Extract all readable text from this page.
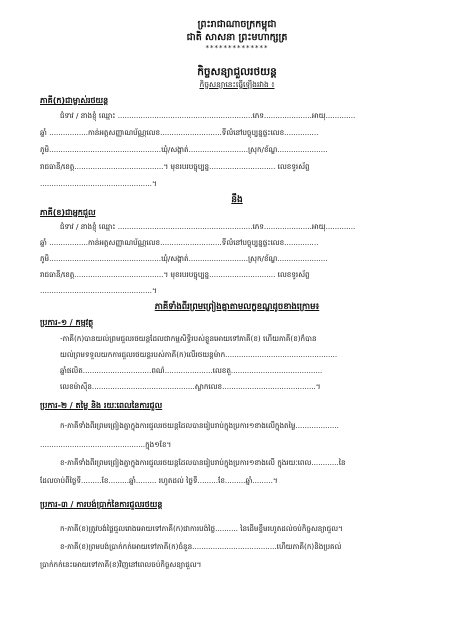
ព្រះរាជាណាចក្រកម្ពុជា
ជាតិ សាសនា ព្រះមហាក្សត្រ
**************
កិច្ចសន្យាជួលរថយន្ត
កិច្ចសន្យានេះធ្វើឡើងរវាង ៖
ភាគី(ក)ជាម្ចាស់រថយន្ត
ជំទាវ / នាងខ្ញុំ ឈ្មោះ ...........................................................ភេទ.....................អាយុ.............
ឆ្នាំ .................កាន់អត្តសញ្ញាណប័ណ្ណលេខ...........................ទីលំនៅបច្ចុប្បន្នផ្ទះលេខ...............
ភូមិ.................................................ឃុំ/សង្កាត់..........................ស្រុក/ខ័ណ្ឌ......................
រាជធានី/ខេត្ត.......................................។ មុខរបរបច្ចុប្បន្ន............................. លេខទូរស័ព្ទ
.................................................។
នឹង
ភាគី(ខ)ជាអ្នកជួល
ជំទាវ / នាងខ្ញុំ ឈ្មោះ ...........................................................ភេទ.....................អាយុ.............
ឆ្នាំ .................កាន់អត្តសញ្ញាណប័ណ្ណលេខ...........................ទីលំនៅបច្ចុប្បន្នផ្ទះលេខ...............
ភូមិ.................................................ឃុំ/សង្កាត់..........................ស្រុក/ខ័ណ្ឌ......................
រាជធានី/ខេត្ត.......................................។ មុខរបរបច្ចុប្បន្ន............................. លេខទូរស័ព្ទ
.................................................។
ភាគីទាំងពីរព្រមព្រៀងគ្នាតាមលក្ខខណ្ឌដូចខាងក្រោម៖
ប្រការ-១ / កម្មវត្ថុ
-ភាគី(ក)បានយល់ព្រមជួលរថយន្តដែលជាកម្មសិទ្ធិរបស់ខ្លួនអោយទៅភាគី(ខ) ហើយភាគី(ខ)ក៏បាន
យល់ព្រមទទួលយកការជួលរថយន្តរបស់ភាគី(ក)លើរថយន្តម៉ាក.................................................
ឆ្នាំផលិត..............................ពណ៌.....................លេខតួ........................................
លេខម៉ាស៊ីន.............................................ស្លាកលេខ.........................................។
ប្រការ-២ / តម្លៃ និង រយៈពេលនៃការជួល
ក-ភាគីទាំងពីរព្រមព្រៀងគ្នាក្នុងការជួលរថយន្តដែលបានរៀបរាប់ក្នុងប្រការ១ខាងលើក្នុងតម្លៃ...................
..............................................ក្នុង១ខែ។
ខ-ភាគីទាំងពីរព្រមព្រៀងគ្នាក្នុងការជួលរថយន្តដែលបានរៀបរាប់ក្នុងប្រការ១ខាងលើ ក្នុងរយៈពេល............នៃ
ដែលចាប់ពីថ្ងៃទី.........ខែ.........ឆ្នាំ......... រហូតដល់ ថ្ងៃទី.........ខែ.........ឆ្នាំ.........។
ប្រការ-៣ / ការបង់ប្រាក់នៃការជួលរថយន្ត
ក-ភាគី(ខ)ត្រូវបង់ថ្លៃជួលរោងអោយទៅភាគី(ក)ជាការបង់ថ្លៃ.......... នៃដើមខ្ទឹមរហូតដល់ចប់កិច្ចសន្យាជួល។
ខ-ភាគី(ខ)ព្រមបង់ប្រាក់កក់អោយទៅភាគី(ក)ចំនួន.....................................ហើយភាគី(ក)និងប្រគល់
ប្រាក់កក់នេះអោយទៅភាគី(ខ)វិញនៅពេលចប់កិច្ចសន្យាជួល។
